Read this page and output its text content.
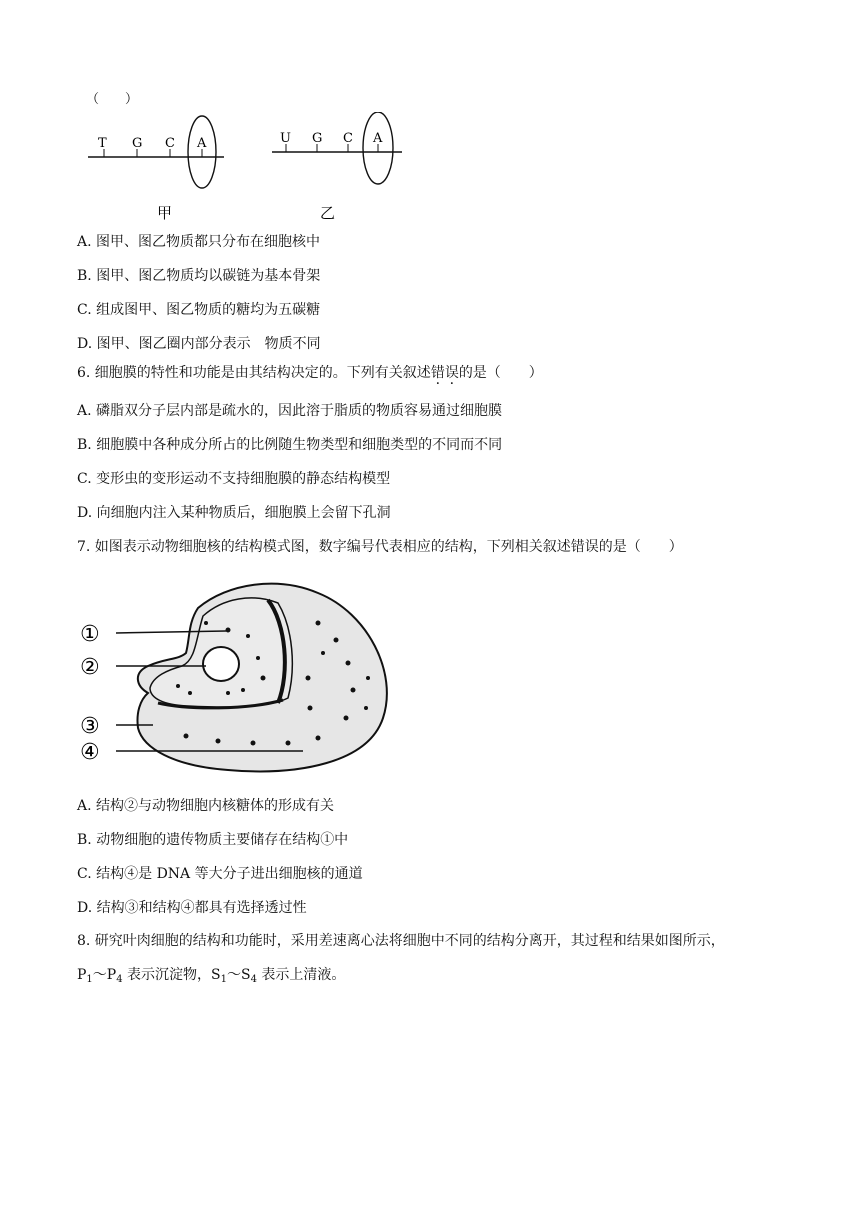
（　　）
T G C A	U G C A
甲	乙
A. 图甲、图乙物质都只分布在细胞核中
B. 图甲、图乙物质均以碳链为基本骨架
C. 组成图甲、图乙物质的糖均为五碳糖
D. 图甲、图乙圈内部分表示　物质不同
6. 细胞膜的特性和功能是由其结构决定的。下列有关叙述错误的是（　　）
A. 磷脂双分子层内部是疏水的，因此溶于脂质的物质容易通过细胞膜
B. 细胞膜中各种成分所占的比例随生物类型和细胞类型的不同而不同
C. 变形虫的变形运动不支持细胞膜的静态结构模型
D. 向细胞内注入某种物质后，细胞膜上会留下孔洞
7. 如图表示动物细胞核的结构模式图，数字编号代表相应的结构，下列相关叙述错误的是（　　）
①
②
③
④
A. 结构②与动物细胞内核糖体的形成有关
B. 动物细胞的遗传物质主要储存在结构①中
C. 结构④是 DNA 等大分子进出细胞核的通道
D. 结构③和结构④都具有选择透过性
8. 研究叶肉细胞的结构和功能时，采用差速离心法将细胞中不同的结构分离开，其过程和结果如图所示，
$P_1\sim P_4$ 表示沉淀物，$S_1\sim S_4$ 表示上清液。
